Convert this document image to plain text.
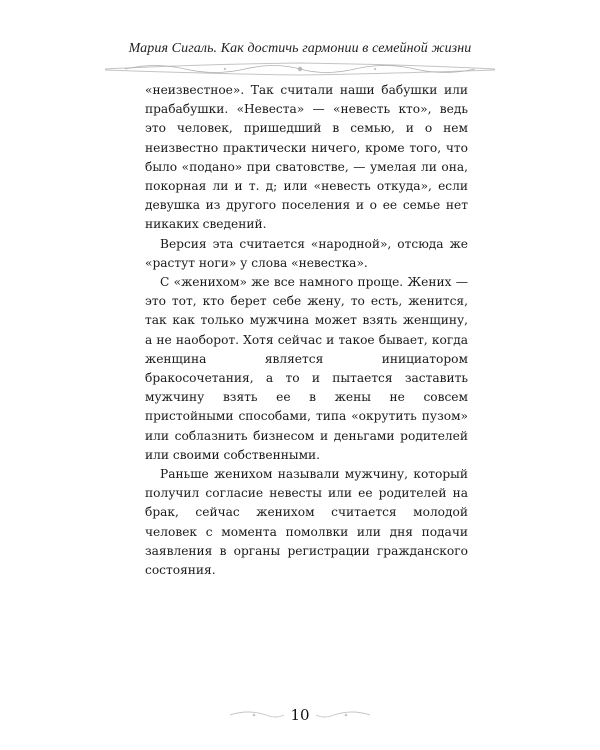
Мария Сигаль. Как достичь гармонии в семейной жизни

«неизвестное». Так считали наши бабушки или прабабушки. «Невеста» — «невесть кто», ведь это человек, пришедший в семью, и о нем неизвестно практически ничего, кроме того, что было «подано» при сватовстве, — умелая ли она, покорная ли и т. д; или «невесть откуда», если девушка из другого поселения и о ее семье нет никаких сведений.

Версия эта считается «народной», отсюда же «растут ноги» у слова «невестка».

С «женихом» же все намного проще. Жених — это тот, кто берет себе жену, то есть, женится, так как только мужчина может взять женщину, а не наоборот. Хотя сейчас и такое бывает, когда женщина является инициатором бракосочетания, а то и пытается заставить мужчину взять ее в жены не совсем пристойными способами, типа «окрутить пузом» или соблазнить бизнесом и деньгами родителей или своими собственными.

Раньше женихом называли мужчину, который получил согласие невесты или ее родителей на брак, сейчас женихом считается молодой человек с момента помолвки или дня подачи заявления в органы регистрации гражданского состояния.

10
